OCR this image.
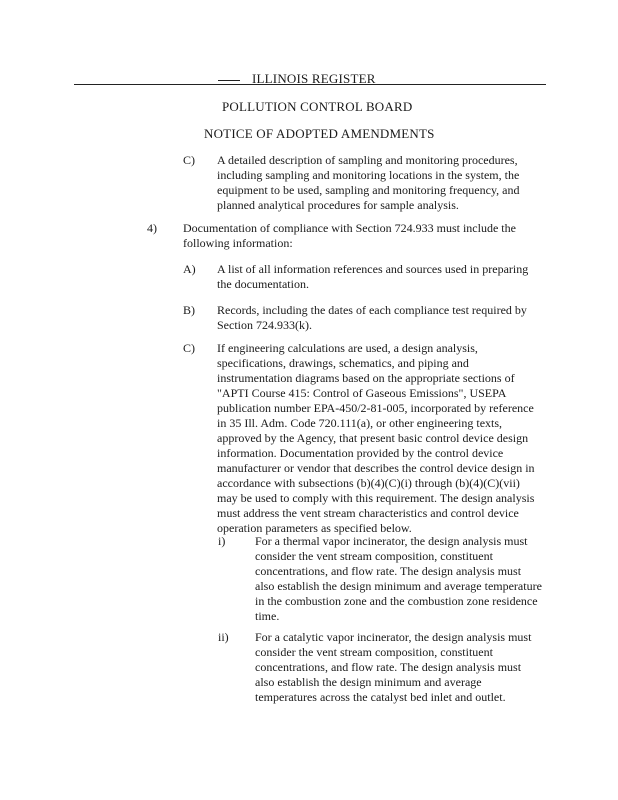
ILLINOIS REGISTER
POLLUTION CONTROL BOARD
NOTICE OF ADOPTED AMENDMENTS
C) A detailed description of sampling and monitoring procedures,
including sampling and monitoring locations in the system, the
equipment to be used, sampling and monitoring frequency, and
planned analytical procedures for sample analysis.
4) Documentation of compliance with Section 724.933 must include the
following information:
A) A list of all information references and sources used in preparing
the documentation.
B) Records, including the dates of each compliance test required by
Section 724.933(k).
C) If engineering calculations are used, a design analysis,
specifications, drawings, schematics, and piping and
instrumentation diagrams based on the appropriate sections of
"APTI Course 415: Control of Gaseous Emissions", USEPA
publication number EPA-450/2-81-005, incorporated by reference
in 35 Ill. Adm. Code 720.111(a), or other engineering texts,
approved by the Agency, that present basic control device design
information. Documentation provided by the control device
manufacturer or vendor that describes the control device design in
accordance with subsections (b)(4)(C)(i) through (b)(4)(C)(vii)
may be used to comply with this requirement. The design analysis
must address the vent stream characteristics and control device
operation parameters as specified below.
i) For a thermal vapor incinerator, the design analysis must
consider the vent stream composition, constituent
concentrations, and flow rate. The design analysis must
also establish the design minimum and average temperature
in the combustion zone and the combustion zone residence
time.
ii) For a catalytic vapor incinerator, the design analysis must
consider the vent stream composition, constituent
concentrations, and flow rate. The design analysis must
also establish the design minimum and average
temperatures across the catalyst bed inlet and outlet.
